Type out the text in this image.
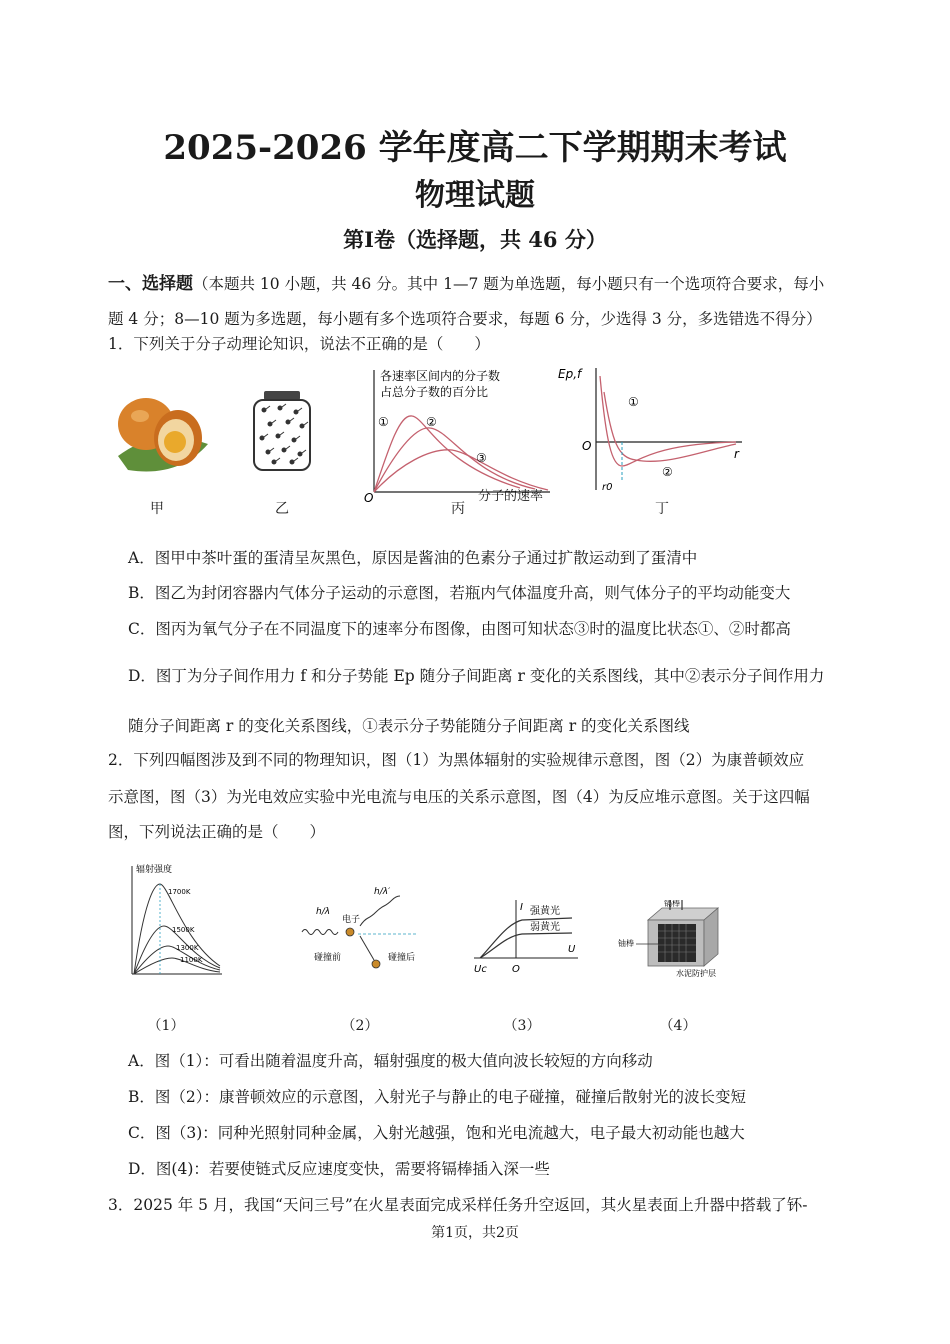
2025-2026 学年度高二下学期期末考试
物理试题
第Ⅰ卷（选择题，共 46 分）
一、选择题（本题共 10 小题，共 46 分。其中 1—7 题为单选题，每小题只有一个选项符合要求，每小
题 4 分；8—10 题为多选题，每小题有多个选项符合要求，每题 6 分，少选得 3 分，多选错选不得分）
1．下列关于分子动理论知识，说法不正确的是（　　）
甲	乙
各速率区间内的分子数
占总分子数的百分比
①	②
③
O	分子的速率
丙
Ep,f
r
O
r0
①
②
丁
A．图甲中茶叶蛋的蛋清呈灰黑色，原因是酱油的色素分子通过扩散运动到了蛋清中
B．图乙为封闭容器内气体分子运动的示意图，若瓶内气体温度升高，则气体分子的平均动能变大
C．图丙为氧气分子在不同温度下的速率分布图像，由图可知状态③时的温度比状态①、②时都高
D．图丁为分子间作用力 f 和分子势能 Ep 随分子间距离 r 变化的关系图线，其中②表示分子间作用力
随分子间距离 r 的变化关系图线，①表示分子势能随分子间距离 r 的变化关系图线
2．下列四幅图涉及到不同的物理知识，图（1）为黑体辐射的实验规律示意图，图（2）为康普顿效应
示意图，图（3）为光电效应实验中光电流与电压的关系示意图，图（4）为反应堆示意图。关于这四幅
图，下列说法正确的是（　　）
辐射强度
1700K
1500K
1300K
1100K
（1）
h/λ
h/λ′
电子
碰撞前	碰撞后
（2）
I
U
Uc	O
强黄光
弱黄光
（3）
镉棒
铀棒
水泥防护层
（4）
A．图（1）：可看出随着温度升高，辐射强度的极大值向波长较短的方向移动
B．图（2）：康普顿效应的示意图，入射光子与静止的电子碰撞，碰撞后散射光的波长变短
C．图（3)：同种光照射同种金属，入射光越强，饱和光电流越大，电子最大初动能也越大
D．图(4)：若要使链式反应速度变快，需要将镉棒插入深一些
3．2025 年 5 月，我国“天问三号”在火星表面完成采样任务升空返回，其火星表面上升器中搭载了钚-
第1页，共2页
